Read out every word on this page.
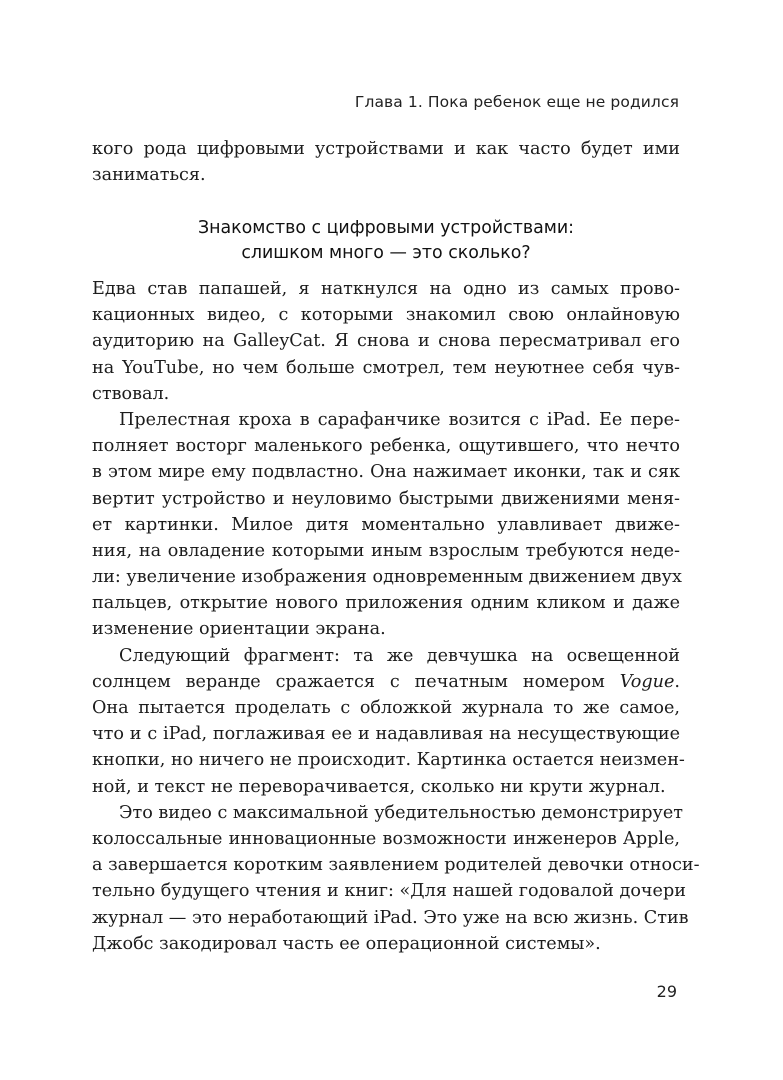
Глава 1. Пока ребенок еще не родился
кого рода цифровыми устройствами и как часто будет ими
заниматься.
Знакомство с цифровыми устройствами:
слишком много — это сколько?
Едва став папашей, я наткнулся на одно из самых прово-
кационных видео, с которыми знакомил свою онлайновую
аудиторию на GalleyCat. Я снова и снова пересматривал его
на YouTube, но чем больше смотрел, тем неуютнее себя чув-
ствовал.
Прелестная кроха в сарафанчике возится с iPad. Ее пере-
полняет восторг маленького ребенка, ощутившего, что нечто
в этом мире ему подвластно. Она нажимает иконки, так и сяк
вертит устройство и неуловимо быстрыми движениями меня-
ет картинки. Милое дитя моментально улавливает движе-
ния, на овладение которыми иным взрослым требуются неде-
ли: увеличение изображения одновременным движением двух
пальцев, открытие нового приложения одним кликом и даже
изменение ориентации экрана.
Следующий фрагмент: та же девчушка на освещенной
солнцем веранде сражается с печатным номером Vogue.
Она пытается проделать с обложкой журнала то же самое,
что и с iPad, поглаживая ее и надавливая на несуществующие
кнопки, но ничего не происходит. Картинка остается неизмен-
ной, и текст не переворачивается, сколько ни крути журнал.
Это видео с максимальной убедительностью демонстрирует
колоссальные инновационные возможности инженеров Apple,
а завершается коротким заявлением родителей девочки относи-
тельно будущего чтения и книг: «Для нашей годовалой дочери
журнал — это неработающий iPad. Это уже на всю жизнь. Стив
Джобс закодировал часть ее операционной системы».
29
